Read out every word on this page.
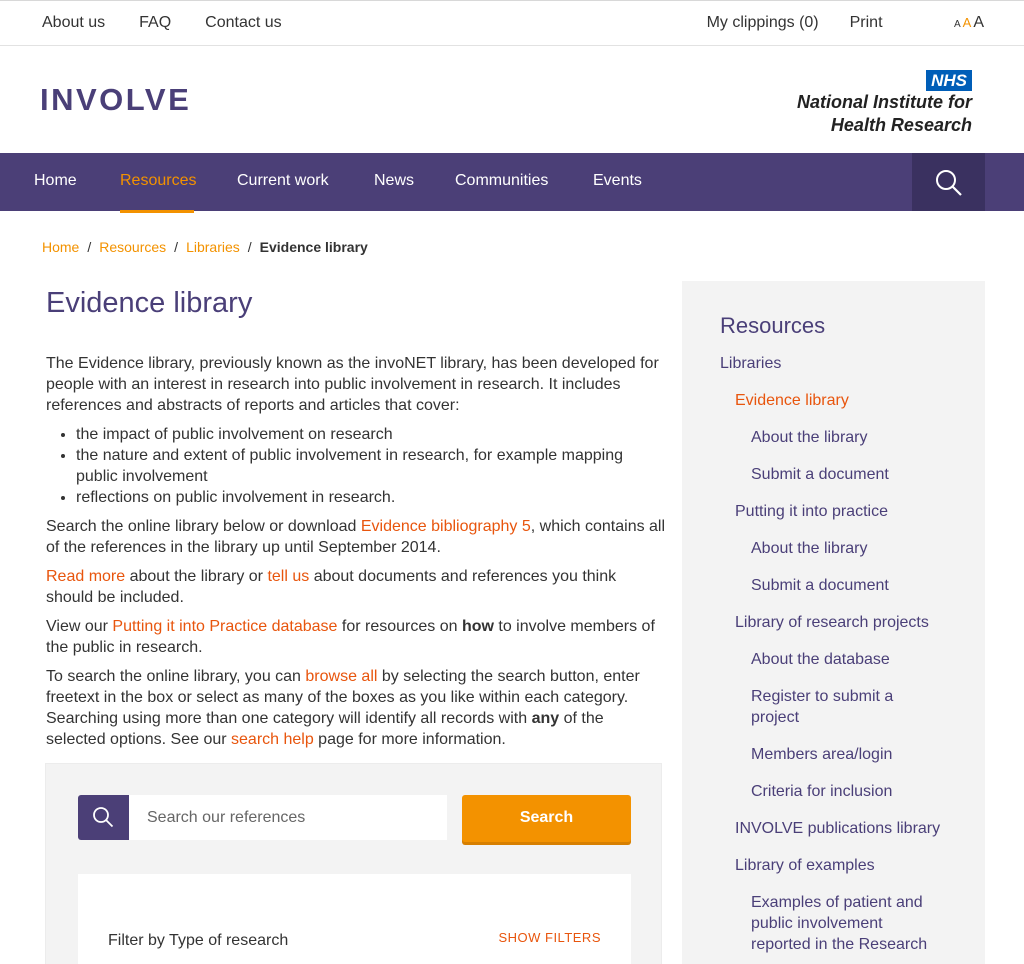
About us FAQ Contact us	My clippings (0) Print	A A A
INVOLVE
NHS
National Institute for
Health Research
Home	Resources	Current work	News	Communities	Events
Home / Resources / Libraries / Evidence library
Evidence library

The Evidence library, previously known as the invoNET library, has been developed for people with an interest in research into public involvement in research. It includes references and abstracts of reports and articles that cover:

• the impact of public involvement on research
• the nature and extent of public involvement in research, for example mapping public involvement
• reflections on public involvement in research.

Search the online library below or download Evidence bibliography 5, which contains all of the references in the library up until September 2014.

Read more about the library or tell us about documents and references you think should be included.

View our Putting it into Practice database for resources on how to involve members of the public in research.

To search the online library, you can browse all by selecting the search button, enter freetext in the box or select as many of the boxes as you like within each category. Searching using more than one category will identify all records with any of the selected options. See our search help page for more information.

Search our references
Search
Filter by Type of research	SHOW FILTERS
Resources
Libraries
Evidence library
About the library
Submit a document
Putting it into practice
About the library
Submit a document
Library of research projects
About the database
Register to submit a project
Members area/login
Criteria for inclusion
INVOLVE publications library
Library of examples
Examples of patient and public involvement reported in the Research
